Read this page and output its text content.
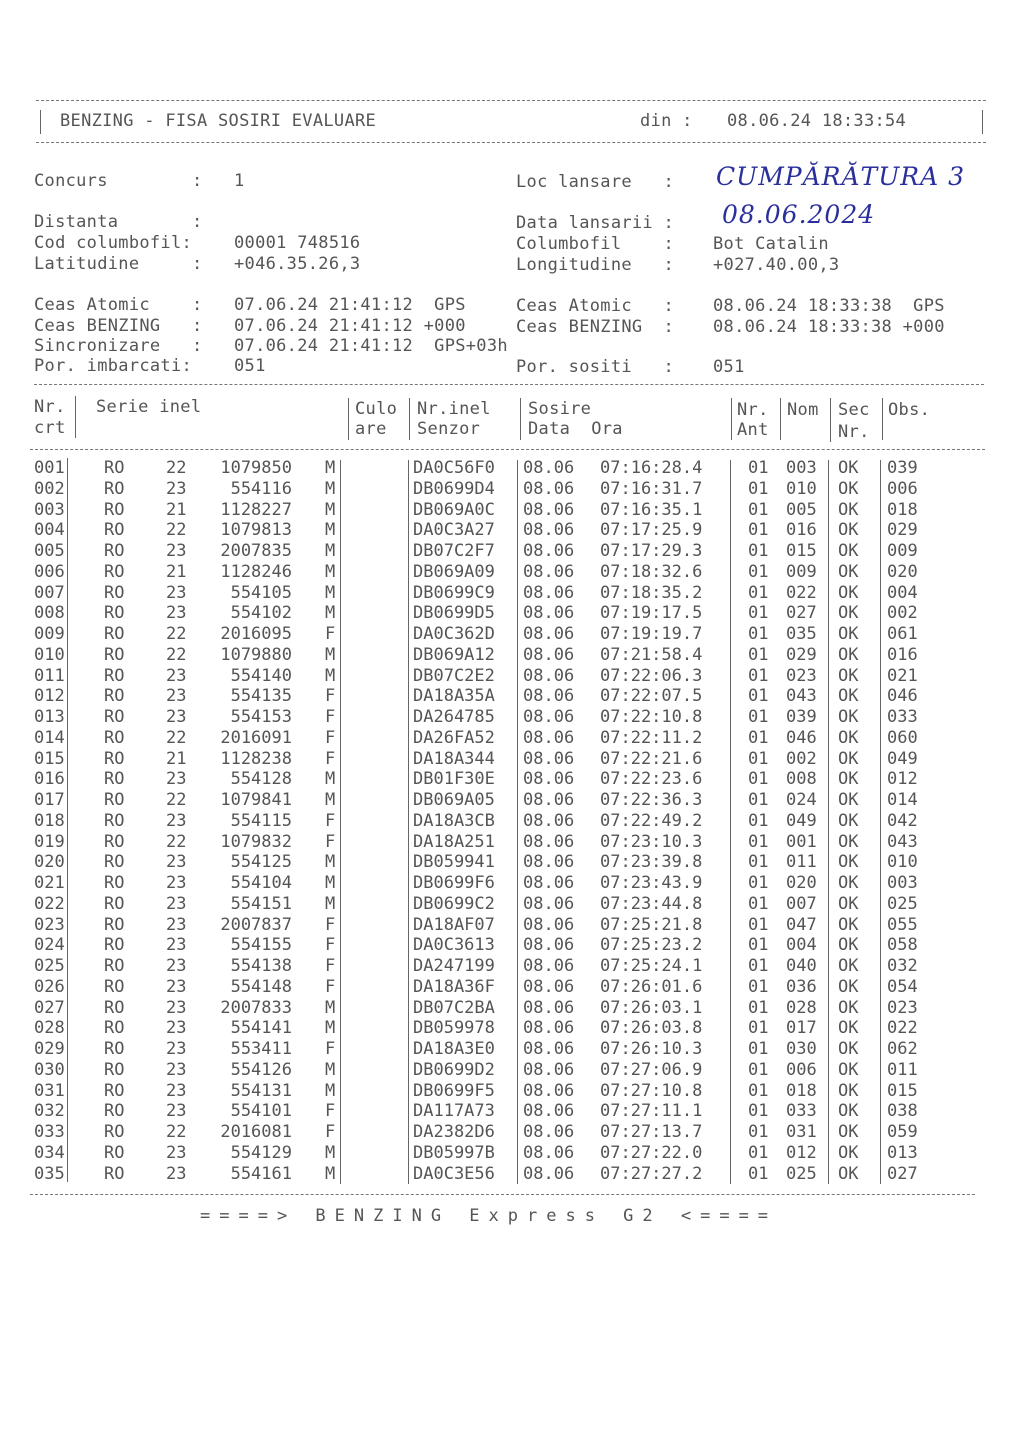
BENZING - FISA SOSIRI EVALUARE	din : 08.06.24 18:33:54
Concurs        : 1	Loc lansare   : CUMPĂRĂTURA 3
Distanta       :	Data lansarii : 08.06.2024
Cod columbofil: 00001 748516	Columbofil    : Bot Catalin
Latitudine     : +046.35.26,3	Longitudine   : +027.40.00,3
Ceas Atomic    : 07.06.24 21:41:12  GPS	Ceas Atomic   : 08.06.24 18:33:38  GPS
Ceas BENZING   : 07.06.24 21:41:12 +000	Ceas BENZING  : 08.06.24 18:33:38 +000
Sincronizare   : 07.06.24 21:41:12  GPS+03h
Por. imbarcati: 051	Por. sositi   : 051
Nr.
crt
Serie inel	Culo
are
Nr.inel
Senzor
Sosire
Data  Ora
Nr.
Ant
Nom Sec
Nr.
Obs.
001 RO 22 1079850 M	DA0C56F0 08.06 07:16:28.4	01 003 OK 039
002 RO 23	554116 M	DB0699D4 08.06 07:16:31.7	01 010 OK 006
003 RO 21 1128227 M	DB069A0C 08.06 07:16:35.1	01 005 OK 018
004 RO 22 1079813 M	DA0C3A27 08.06 07:17:25.9	01 016 OK 029
005 RO 23 2007835 M	DB07C2F7 08.06 07:17:29.3	01 015 OK 009
006 RO 21 1128246 M	DB069A09 08.06 07:18:32.6	01 009 OK 020
007 RO 23	554105 M	DB0699C9 08.06 07:18:35.2	01 022 OK 004
008 RO 23	554102 M	DB0699D5 08.06 07:19:17.5	01 027 OK 002
009 RO 22 2016095 F	DA0C362D 08.06 07:19:19.7	01 035 OK 061
010 RO 22 1079880 M	DB069A12 08.06 07:21:58.4	01 029 OK 016
011 RO 23	554140 M	DB07C2E2 08.06 07:22:06.3	01 023 OK 021
012 RO 23	554135 F	DA18A35A 08.06 07:22:07.5	01 043 OK 046
013 RO 23	554153 F	DA264785 08.06 07:22:10.8	01 039 OK 033
014 RO 22 2016091 F	DA26FA52 08.06 07:22:11.2	01 046 OK 060
015 RO 21 1128238 F	DA18A344 08.06 07:22:21.6	01 002 OK 049
016 RO 23	554128 M	DB01F30E 08.06 07:22:23.6	01 008 OK 012
017 RO 22 1079841 M	DB069A05 08.06 07:22:36.3	01 024 OK 014
018 RO 23	554115 F	DA18A3CB 08.06 07:22:49.2	01 049 OK 042
019 RO 22 1079832 F	DA18A251 08.06 07:23:10.3	01 001 OK 043
020 RO 23	554125 M	DB059941 08.06 07:23:39.8	01 011 OK 010
021 RO 23	554104 M	DB0699F6 08.06 07:23:43.9	01 020 OK 003
022 RO 23	554151 M	DB0699C2 08.06 07:23:44.8	01 007 OK 025
023 RO 23 2007837 F	DA18AF07 08.06 07:25:21.8	01 047 OK 055
024 RO 23	554155 F	DA0C3613 08.06 07:25:23.2	01 004 OK 058
025 RO 23	554138 F	DA247199 08.06 07:25:24.1	01 040 OK 032
026 RO 23	554148 F	DA18A36F 08.06 07:26:01.6	01 036 OK 054
027 RO 23 2007833 M	DB07C2BA 08.06 07:26:03.1	01 028 OK 023
028 RO 23	554141 M	DB059978 08.06 07:26:03.8	01 017 OK 022
029 RO 23	553411 F	DA18A3E0 08.06 07:26:10.3	01 030 OK 062
030 RO 23	554126 M	DB0699D2 08.06 07:27:06.9	01 006 OK 011
031 RO 23	554131 M	DB0699F5 08.06 07:27:10.8	01 018 OK 015
032 RO 23	554101 F	DA117A73 08.06 07:27:11.1	01 033 OK 038
033 RO 22 2016081 F	DA2382D6 08.06 07:27:13.7	01 031 OK 059
034 RO 23	554129 M	DB05997B 08.06 07:27:22.0	01 012 OK 013
035 RO 23	554161 M	DA0C3E56 08.06 07:27:27.2	01 025 OK 027
====> BENZING Express G2 <====
